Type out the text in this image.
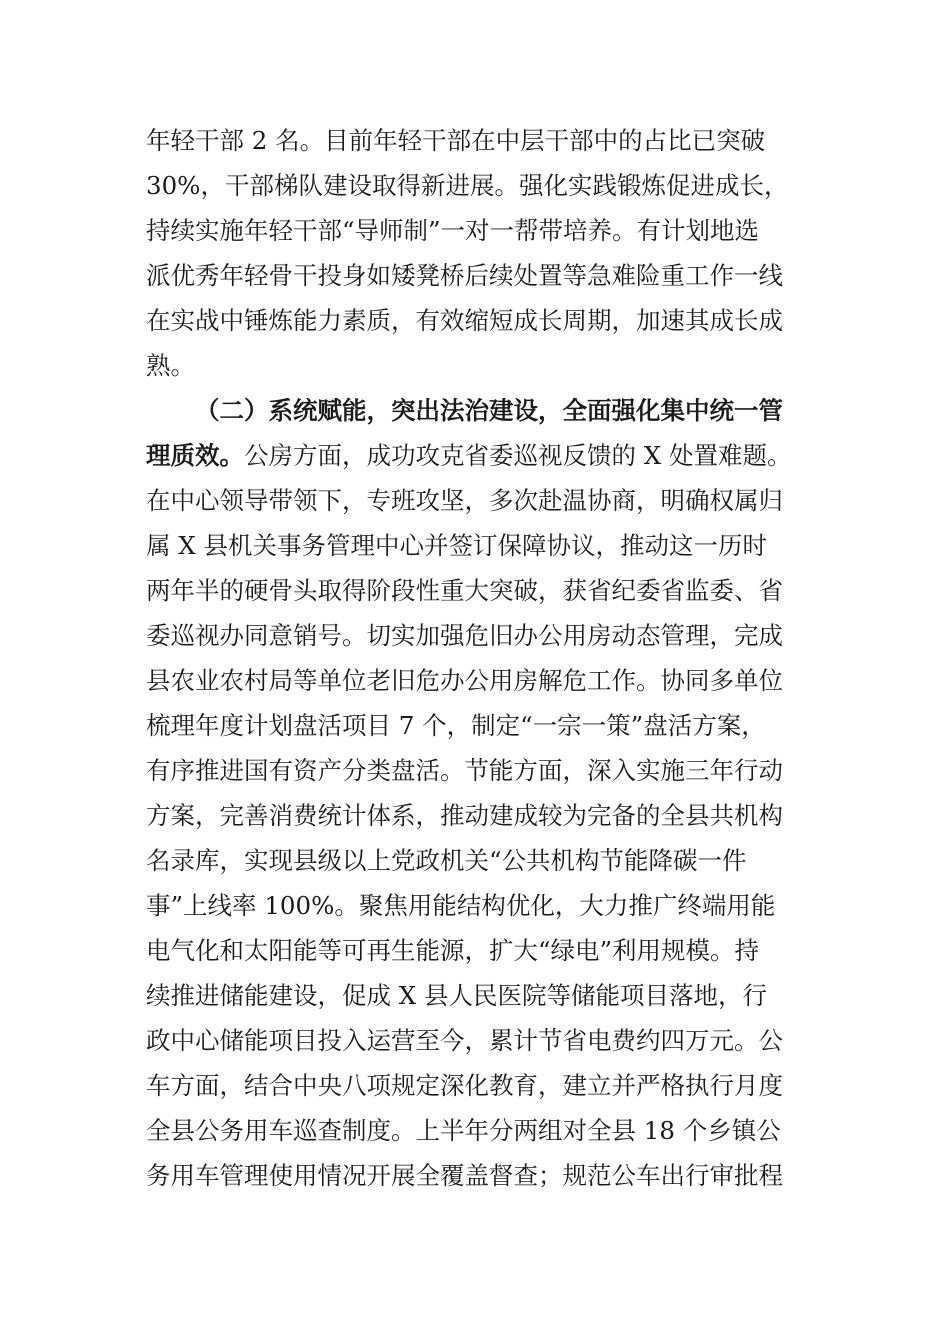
年轻干部 2 名。目前年轻干部在中层干部中的占比已突破
30%，干部梯队建设取得新进展。强化实践锻炼促进成长，
持续实施年轻干部“导师制”一对一帮带培养。有计划地选
派优秀年轻骨干投身如矮凳桥后续处置等急难险重工作一线
在实战中锤炼能力素质，有效缩短成长周期，加速其成长成
熟。
（二）系统赋能，突出法治建设，全面强化集中统一管
理质效。公房方面，成功攻克省委巡视反馈的 X 处置难题。
在中心领导带领下，专班攻坚，多次赴温协商，明确权属归
属 X 县机关事务管理中心并签订保障协议，推动这一历时
两年半的硬骨头取得阶段性重大突破，获省纪委省监委、省
委巡视办同意销号。切实加强危旧办公用房动态管理，完成
县农业农村局等单位老旧危办公用房解危工作。协同多单位
梳理年度计划盘活项目 7 个，制定“一宗一策”盘活方案，
有序推进国有资产分类盘活。节能方面，深入实施三年行动
方案，完善消费统计体系，推动建成较为完备的全县共机构
名录库，实现县级以上党政机关“公共机构节能降碳一件
事”上线率 100%。聚焦用能结构优化，大力推广终端用能
电气化和太阳能等可再生能源，扩大“绿电”利用规模。持
续推进储能建设，促成 X 县人民医院等储能项目落地，行
政中心储能项目投入运营至今，累计节省电费约四万元。公
车方面，结合中央八项规定深化教育，建立并严格执行月度
全县公务用车巡查制度。上半年分两组对全县 18 个乡镇公
务用车管理使用情况开展全覆盖督查；规范公车出行审批程
